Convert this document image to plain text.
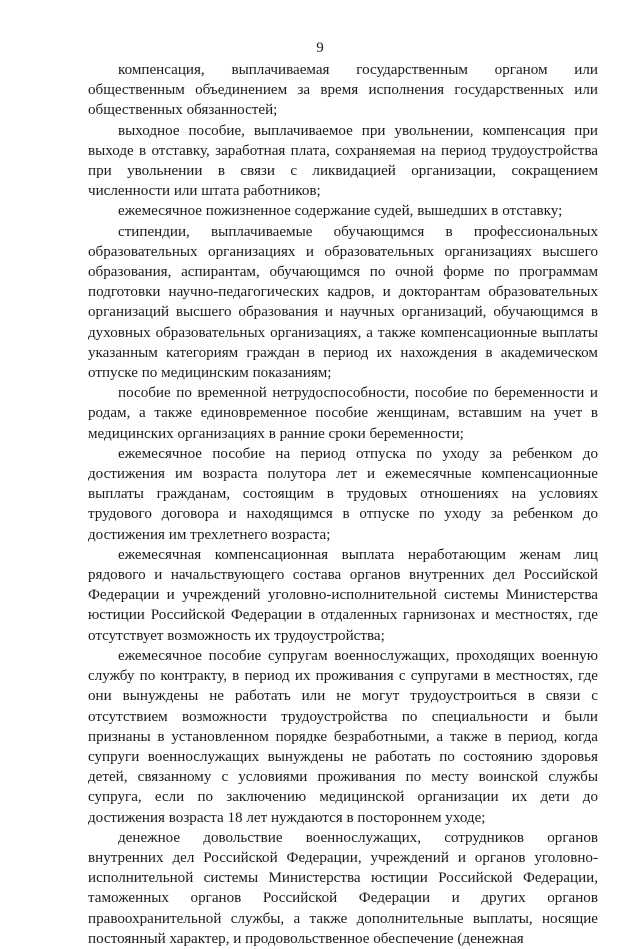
9

компенсация, выплачиваемая государственным органом или общественным объединением за время исполнения государственных или общественных обязанностей;

выходное пособие, выплачиваемое при увольнении, компенсация при выходе в отставку, заработная плата, сохраняемая на период трудоустройства при увольнении в связи с ликвидацией организации, сокращением численности или штата работников;

ежемесячное пожизненное содержание судей, вышедших в отставку;

стипендии, выплачиваемые обучающимся в профессиональных образовательных организациях и образовательных организациях высшего образования, аспирантам, обучающимся по очной форме по программам подготовки научно-педагогических кадров, и докторантам образовательных организаций высшего образования и научных организаций, обучающимся в духовных образовательных организациях, а также компенсационные выплаты указанным категориям граждан в период их нахождения в академическом отпуске по медицинским показаниям;

пособие по временной нетрудоспособности, пособие по беременности и родам, а также единовременное пособие женщинам, вставшим на учет в медицинских организациях в ранние сроки беременности;

ежемесячное пособие на период отпуска по уходу за ребенком до достижения им возраста полутора лет и ежемесячные компенсационные выплаты гражданам, состоящим в трудовых отношениях на условиях трудового договора и находящимся в отпуске по уходу за ребенком до достижения им трехлетнего возраста;

ежемесячная компенсационная выплата неработающим женам лиц рядового и начальствующего состава органов внутренних дел Российской Федерации и учреждений уголовно-исполнительной системы Министерства юстиции Российской Федерации в отдаленных гарнизонах и местностях, где отсутствует возможность их трудоустройства;

ежемесячное пособие супругам военнослужащих, проходящих военную службу по контракту, в период их проживания с супругами в местностях, где они вынуждены не работать или не могут трудоустроиться в связи с отсутствием возможности трудоустройства по специальности и были признаны в установленном порядке безработными, а также в период, когда супруги военнослужащих вынуждены не работать по состоянию здоровья детей, связанному с условиями проживания по месту воинской службы супруга, если по заключению медицинской организации их дети до достижения возраста 18 лет нуждаются в постороннем уходе;

денежное довольствие военнослужащих, сотрудников органов внутренних дел Российской Федерации, учреждений и органов уголовно-исполнительной системы Министерства юстиции Российской Федерации, таможенных органов Российской Федерации и других органов правоохранительной службы, а также дополнительные выплаты, носящие постоянный характер, и продовольственное обеспечение (денежная
